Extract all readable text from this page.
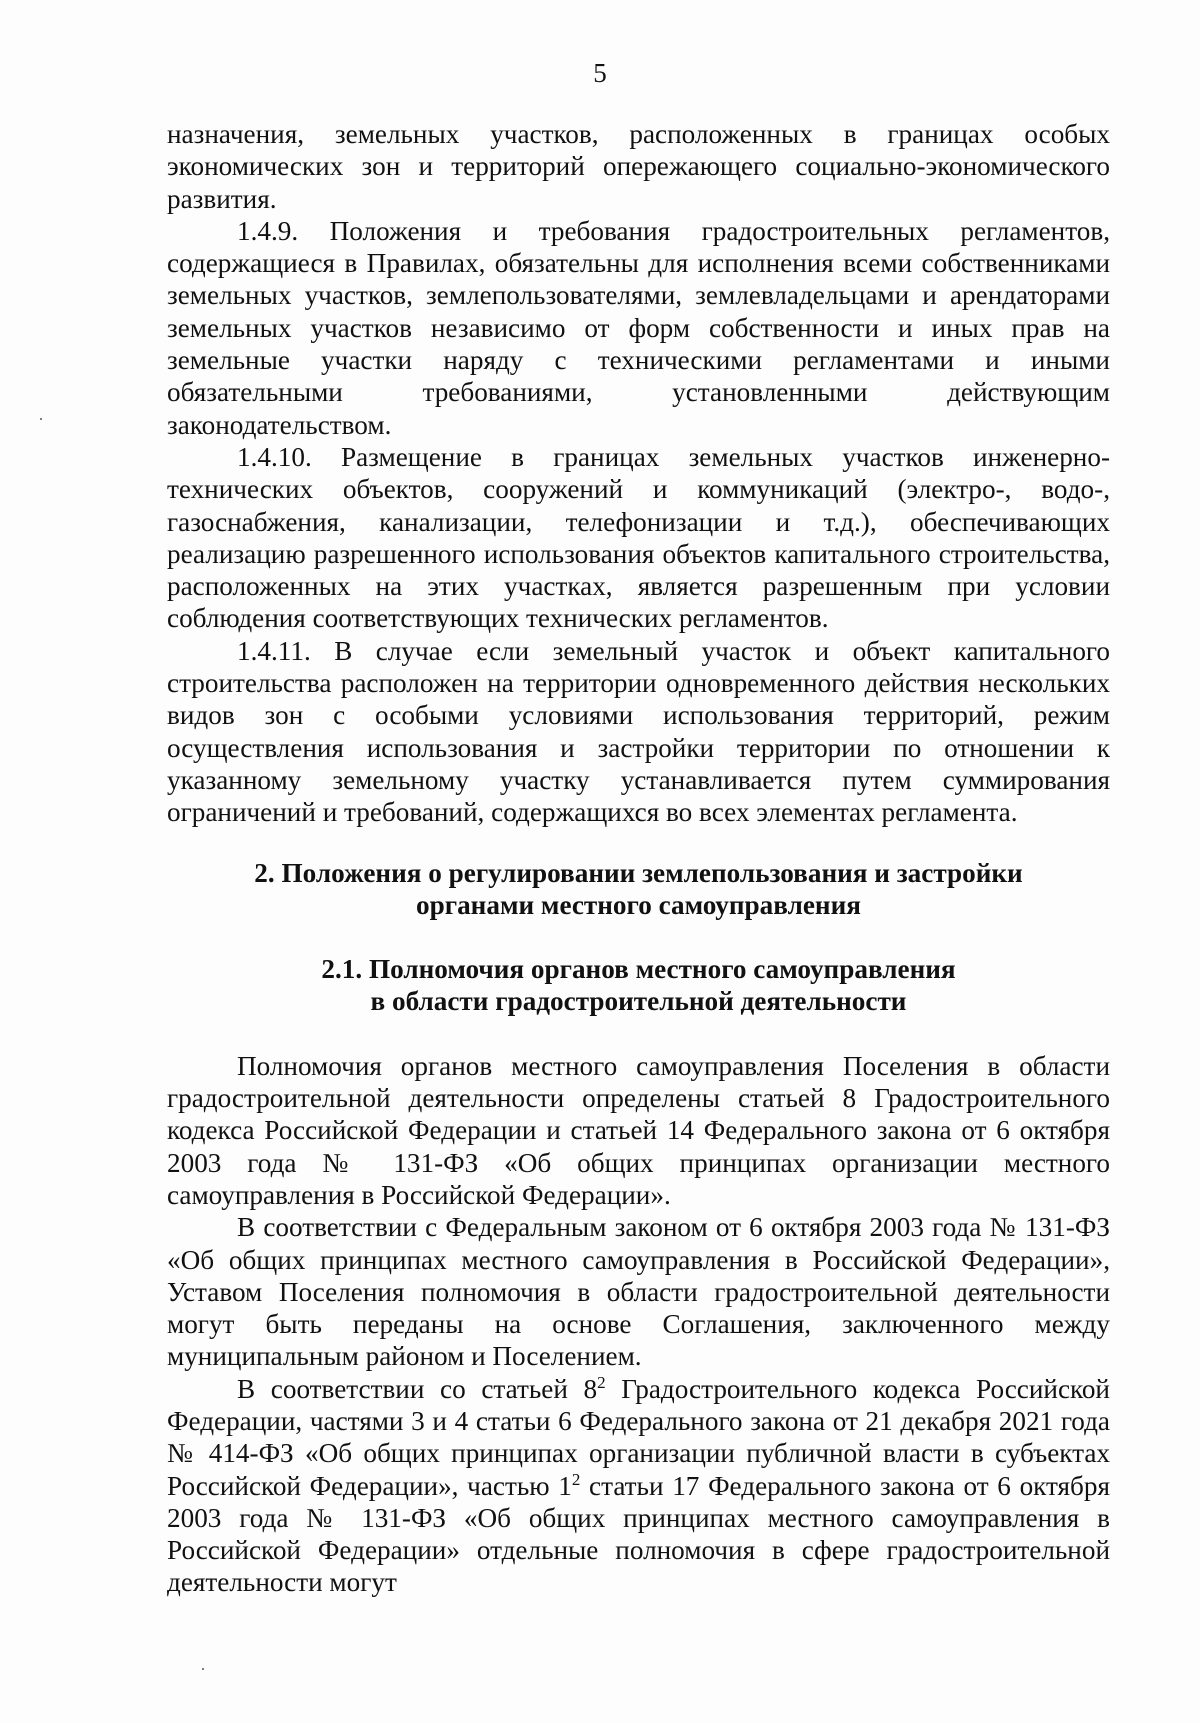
5

назначения, земельных участков, расположенных в границах особых экономических зон и территорий опережающего социально-экономического развития.

1.4.9. Положения и требования градостроительных регламентов, содержащиеся в Правилах, обязательны для исполнения всеми собственниками земельных участков, землепользователями, землевладельцами и арендаторами земельных участков независимо от форм собственности и иных прав на земельные участки наряду с техническими регламентами и иными обязательными требованиями, установленными действующим законодательством.

1.4.10. Размещение в границах земельных участков инженерно-технических объектов, сооружений и коммуникаций (электро-, водо-, газоснабжения, канализации, телефонизации и т.д.), обеспечивающих реализацию разрешенного использования объектов капитального строительства, расположенных на этих участках, является разрешенным при условии соблюдения соответствующих технических регламентов.

1.4.11. В случае если земельный участок и объект капитального строительства расположен на территории одновременного действия нескольких видов зон с особыми условиями использования территорий, режим осуществления использования и застройки территории по отношении к указанному земельному участку устанавливается путем суммирования ограничений и требований, содержащихся во всех элементах регламента.

2. Положения о регулировании землепользования и застройки
органами местного самоуправления
2.1. Полномочия органов местного самоуправления
в области градостроительной деятельности

Полномочия органов местного самоуправления Поселения в области градостроительной деятельности определены статьей 8 Градостроительного кодекса Российской Федерации и статьей 14 Федерального закона от 6 октября 2003 года № 131-ФЗ «Об общих принципах организации местного самоуправления в Российской Федерации».

В соответствии с Федеральным законом от 6 октября 2003 года № 131-ФЗ «Об общих принципах местного самоуправления в Российской Федерации», Уставом Поселения полномочия в области градостроительной деятельности могут быть переданы на основе Соглашения, заключенного между муниципальным районом и Поселением.

В соответствии со статьей $8^2$ Градостроительного кодекса Российской Федерации, частями 3 и 4 статьи 6 Федерального закона от 21 декабря 2021 года № 414-ФЗ «Об общих принципах организации публичной власти в субъектах Российской Федерации», частью $1^2$ статьи 17 Федерального закона от 6 октября 2003 года № 131-ФЗ «Об общих принципах местного самоуправления в Российской Федерации» отдельные полномочия в сфере градостроительной деятельности могут
